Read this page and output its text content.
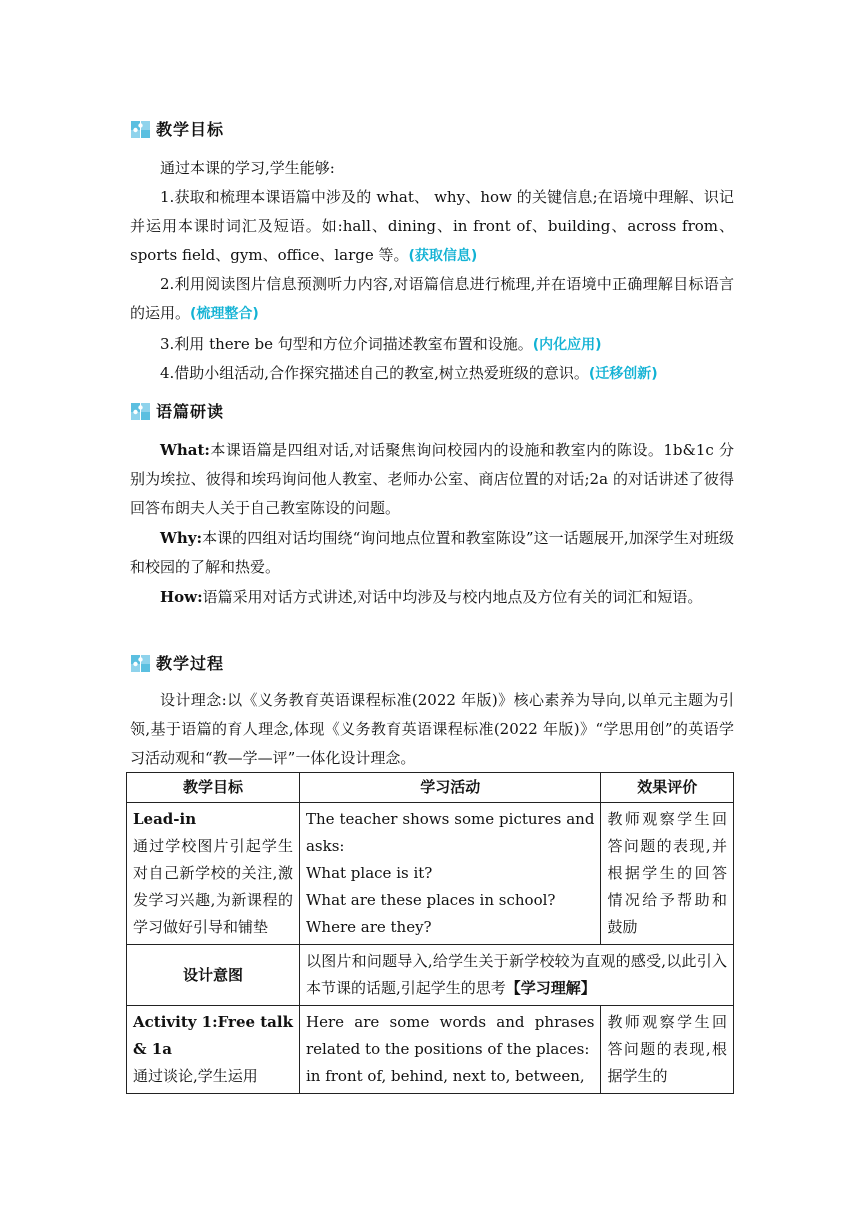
教学目标

通过本课的学习,学生能够:

1.获取和梳理本课语篇中涉及的 what、 why、how 的关键信息;在语境中理解、识记并运用本课时词汇及短语。如:hall、dining、in front of、building、across from、sports field、gym、office、large 等。(获取信息)

2.利用阅读图片信息预测听力内容,对语篇信息进行梳理,并在语境中正确理解目标语言的运用。(梳理整合)

3.利用 there be 句型和方位介词描述教室布置和设施。(内化应用)

4.借助小组活动,合作探究描述自己的教室,树立热爱班级的意识。(迁移创新)

语篇研读

What:本课语篇是四组对话,对话聚焦询问校园内的设施和教室内的陈设。1b&1c 分别为埃拉、彼得和埃玛询问他人教室、老师办公室、商店位置的对话;2a 的对话讲述了彼得回答布朗夫人关于自己教室陈设的问题。

Why:本课的四组对话均围绕“询问地点位置和教室陈设”这一话题展开,加深学生对班级和校园的了解和热爱。

How:语篇采用对话方式讲述,对话中均涉及与校内地点及方位有关的词汇和短语。

教学过程

设计理念:以《义务教育英语课程标准(2022 年版)》核心素养为导向,以单元主题为引领,基于语篇的育人理念,体现《义务教育英语课程标准(2022 年版)》“学思用创”的英语学习活动观和“教—学—评”一体化设计理念。

教学目标	学习活动	效果评价

Lead-in
通过学校图片引起学生对自己新学校的关注,激发学习兴趣,为新课程的学习做好引导和铺垫	The teacher shows some pictures and asks:
What place is it?
What are these places in school?
Where are they?	教师观察学生回答问题的表现,并根据学生的回答情况给予帮助和鼓励
设计意图	以图片和问题导入,给学生关于新学校较为直观的感受,以此引入本节课的话题,引起学生的思考【学习理解】	

Activity 1:Free talk & 1a
通过谈论,学生运用	Here are some words and phrases related to the positions of the places:
in front of, behind, next to, between,	教师观察学生回答问题的表现,根据学生的
